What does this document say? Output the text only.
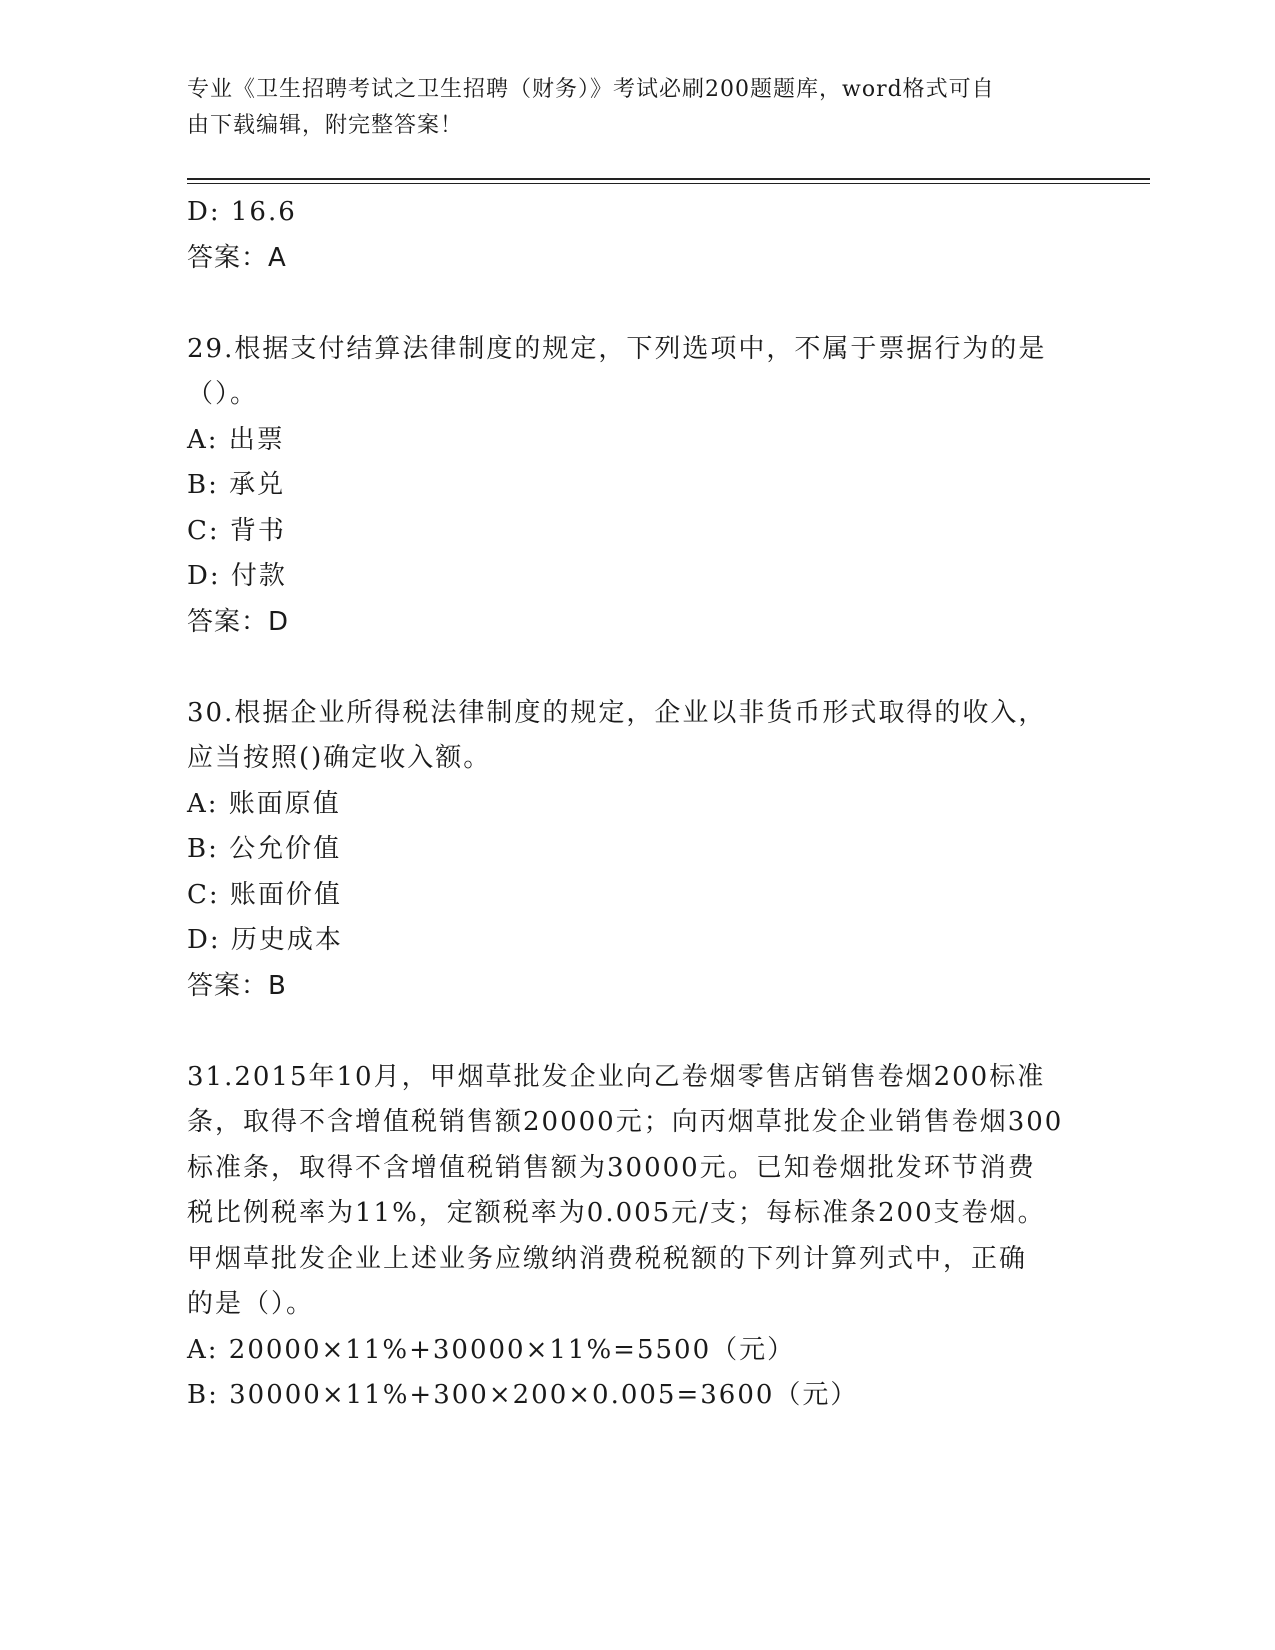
专业《卫生招聘考试之卫生招聘（财务）》考试必刷200题题库，word格式可自
由下载编辑，附完整答案！
D: 16.6
答案：A
29.根据支付结算法律制度的规定，下列选项中，不属于票据行为的是
（）。
A: 出票
B: 承兑
C: 背书
D: 付款
答案：D
30.根据企业所得税法律制度的规定，企业以非货币形式取得的收入，
应当按照()确定收入额。
A: 账面原值
B: 公允价值
C: 账面价值
D: 历史成本
答案：B
31.2015年10月，甲烟草批发企业向乙卷烟零售店销售卷烟200标准
条，取得不含增值税销售额20000元；向丙烟草批发企业销售卷烟300
标准条，取得不含增值税销售额为30000元。已知卷烟批发环节消费
税比例税率为11%，定额税率为0.005元/支；每标准条200支卷烟。
甲烟草批发企业上述业务应缴纳消费税税额的下列计算列式中，正确
的是（）。
A: 20000×11%+30000×11%=5500（元）
B: 30000×11%+300×200×0.005=3600（元）
